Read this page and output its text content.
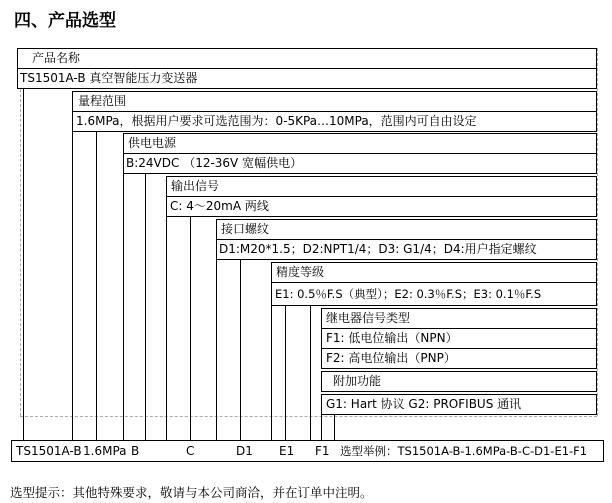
四、产品选型
产品名称
TS1501A-B 真空智能压力变送器
量程范围
1.6MPa，根据用户要求可选范围为：0-5KPa…10MPa，范围内可自由设定
供电电源
B:24VDC （12-36V 宽幅供电）
输出信号
C: 4～20mA 两线
接口螺纹
D1:M20*1.5；D2:NPT1/4；D3: G1/4；D4:用户指定螺纹
精度等级
E1: 0.5％F.S（典型）；E2: 0.3％F.S；E3: 0.1％F.S
继电器信号类型
F1: 低电位输出（NPN）
F2: 高电位输出（PNP）
附加功能
G1: Hart 协议 G2: PROFIBUS 通讯
TS1501A-B 1.6MPa B	C	D1 E1 F1 选型举例：TS1501A-B-1.6MPa-B-C-D1-E1-F1
选型提示：其他特殊要求，敬请与本公司商洽，并在订单中注明。
